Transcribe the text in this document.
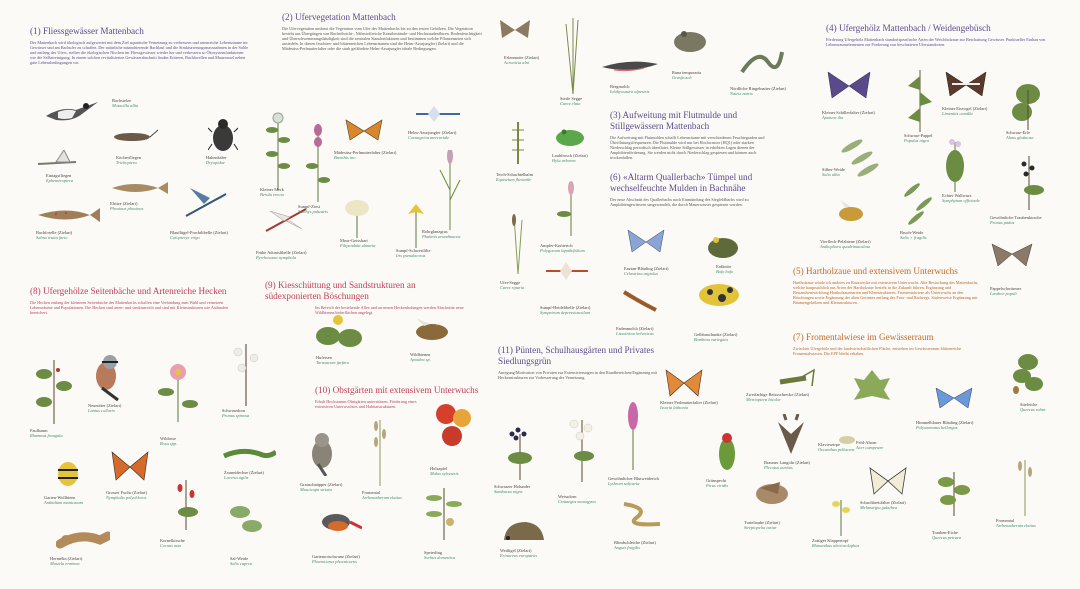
(1) Fliessgewässer Mattenbach
Der Mattenbach wird ökologisch aufgewertet mit dem Ziel aquatische Vernetzung zu verbessern und artenreiche Lebensräume im Gewässer und am Bachufer zu schaffen. Der natürliche mäandrierende Bachlauf und die Strukturierungsmassnahmen in der Sohle und entlang des Ufers, stellen die ökologischen Nischen im Fliessgewässer wieder her und verbessern so Ökosystemfunktionen wie die Selbstreinigung. In einem solchen revitalisierten Gewässerabschnitt finden Eritreen, Bachforellen und Mauerassel neben gute Lebensbedingungen vor.
(2) Ufervegetation Mattenbach
Die Ufervegetation umfasst die Vegetation vom Ufer des Mattenbachs bis zu den ersten Gehölzen. Die Vegetation besteht aus Übergängen von Bachröhricht-, Nährstoffreiche Krautbestände- und Hochstaudenfluren. Bodenfeuchtigkeit und Überschwemmungshäufigkeit sind die zentralen Standortfaktoren und bestimmen welche Pflanzenarten sich ansiedeln. In diesen feuchten- und blütenreichen Lebensräumen sind die Heim-Azurjungfer (Zielart) und die Mädesüss-Perlmutterfalter oder die stark gefährdete Helm-Azurjungfer ideale Bedingungen.
(3) Aufweitung mit Flutmulde und Stillgewässern Mattenbach
Die Aufweitung mit Flutmulden schafft Lebensräume mit verschiedenen Feuchtegraden und Überflutungsfrequenzen. Die Flutmulde wird nur bei Hochwasser (HQ1) oder starken Niederschlag periodisch überflutet. Kleine Stillgewässer in erhöhten Lagen dienen der Amphibienförderung. Sie werden nicht durch Niederschlag gespiesen und können auch trockenfallen.
(6) «Altarm Quallerbach» Tümpel und wechselfeuchte Mulden in Bachnähe
Der neue Abschnitt des Quallerbachs nach Einmündung des Siegfeldbachs wird zu Amphibiengewässern umgewandelt, die durch Mauerwasser gespiesen werden.
(4) Ufergehölz Mattenbach / Weidengebüsch
Förderung Ufergehölz Mattenbach standortspezifische Arten der Weichholzaue zur Beschattung Gewässer. Punktueller Einbau von Lebensraumelementen zur Förderung von beschatteten Uferstandorten.
(5) Hartholzaue und extensivem Unterwuchs
Hartholzaue würde ich anderes zu Bauzwecke mit extensivem Unterwuchs. Alte Bestockung des Mattenbachs, welche hauptsächlich aus Arten der Hartholzaue besteht in die Zukunft führen. Ergänzung und Bestandsentwicklung Hartholzauenarten und Kleinstrukturen. Fromentalwiese als Unterwuchs an den Böschungen sowie Ergänzung der alten Gerinnes entlang des Fuss- und Radwegs. Stufenweise Ergänzung mit Bäumengehölzen und Kleinstrukturen.
(7) Fromentalwiese im Gewässerraum
Zwischen Ufergehölz und der landwirtschaftlichen Fläche, entstehen im Gewässerraum blütenreiche Fromentalwiesen. Die EFF bleibt erhalten.
(8) Ufergehölze Seitenbäche und Artenreiche Hecken
Die Hecken entlang der kleineren Seitenbäche des Mattenbachs schaffen eine Verbindung zum Wald und vernetzen Lebensräume und Populationen. Die Hecken sind arten- und strukturreich und sind mit Kleinstrukturen wie Asthaufen bereichert.
(9) Kiesschüttung und Sandstrukturen an südexponierten Böschungen
Im Bereich der bestehende Allee und an neuen Heckenholungen werden Abschnitte neue Wildbienenförderflächen angelegt.
(10) Obstgärten mit extensivem Unterwuchs
Erhalt Hochstamm Obstgärten unterstützen. Förderung eines extensiven Unterwuchses und Habitatstrukturen.
(11) Pünten, Schulhausgärten und Privates Siedlungsgrün
Anregung/Motivation von Privaten zur Extensivierungen in den Randbereichen/Ergänzung mit Heckenstrukturen zur Vorbesserung der Vernetzung.
Bachstelze
Motacilla alba
Köcherfliegen
Trichoptera
Hakenkäfer
Dryopidae
Eintagsfliegen
Ephemeroptera
Elritze (Zielart)
Phoxinus phoxinus
Bachforelle (Zielart)
Salmo trutta fario
Blauflügel-Prachtlibelle (Zielart)
Calopteryx virgo
Kleiner Merk
Berula erecta
Mädesüss-Perlmutterfalter (Zielart)
Brenthis ino
Helm-Azurjungfer (Zielart)
Coenagrion mercuriale
Sumpf-Ziest
Stachys palustris
Rohrglanzgras
Phalaris arundinacea
Frühe Adonislibelle (Zielart)
Pyrrhosoma nymphula
Moor-Geissbart
Filipendula ulmaria
Sumpf-Schwertlilie
Iris pseudacorus
Erlenmotte (Zielart)
Acronicta alni
Steife Segge
Carex elata
Bergmolch
Ichthyosaura alpestris
Rana temporaria
Grasfrosch
Nördliche Ringelnatter (Zielart)
Natrix natrix
Laubfrosch (Zielart)
Hyla arborea
Teich-Schachtelhalm
Equisetum fluviatile
Ampfer-Knöterich
Polygonum lapathifolium
Ufer-Segge
Carex riparia
Sumpf-Heidelibelle (Zielart)
Sympetrum depressiusculum
Enzian-Bläuling (Zielart)
Celastrina argiolus
Erdkröte
Bufo bufo
Fadenmolch (Zielart)
Lissotriton helveticus	Gelbbauchunke (Zielart)
Bombina variegata
Kleiner Schillerfalter (Zielart)
Apatura ilia
Kleiner Eisvogel (Zielart)
Limenitis camilla
Schwarz-Pappel
Populus nigra
Schwarz-Erle
Alnus glutinosa
Silber-Weide
Salix alba
Echter Wallwurz
Symphytum officinale
Gewöhnliche Traubenkirsche
Prunus padus
Vierfleck-Pelzbiene (Zielart)
Anthophora quadrimaculata
Bruch-Weide
Salix × fragilis
Pappelschwärmer
Laothoe populi
Faulbaum
Rhamnus frangula
Neuntöter (Zielart)
Lanius collurio
Wildrose
Rosa spp.
Schwarzdorn
Prunus spinosa
Garten-Wollbiene
Anthidium manicatum
Grosser Fuchs (Zielart)
Nymphalis polychloros
Zauneidechse (Zielart)
Lacerta agilis
Hermelin (Zielart)
Mustela erminea
Kornelkirsche
Cornus mas
Sal-Weide
Salix caprea
Hufeisen
Taraxacum farfara
Wildbienen
Apoidea sp.
Grauschnäpper (Zielart)
Muscicapa striata
Fromental
Arrhenatherum elatius
Holzapfel
Malus sylvestris
Gartenrotschwanz (Zielart)
Phoenicurus phoenicurus
Speierling
Sorbus domestica
Schwarzer Holunder
Sambucus nigra
Weissdorn
Crataegus monogyna
Gewöhnlicher Blutweiderich
Lythrum salicaria
Kleiner Perlmutterfalter (Zielart)
Issoria lathonia
Weißigel (Zielart)
Erinaceus europaeus
Blindschleiche (Zielart)
Anguis fragilis
Zweifarbige Beissschrecke (Zielart)
Metrioptera bicolor
Grünspecht
Picus viridis
Braunes Langohr (Zielart)
Plecotus auritus
Klavierzirpe
Oecanthus pellucens
Feld-Ahorn
Acer campestre
Himmelblauer Bläuling (Zielart)
Polyommatus bellargus
Stieleiche
Quercus robur
Turteltaube (Zielart)
Streptopelia turtur
Zottiger Klappertopf
Rhinanthus alectorolophus
Schachbrettfalter (Zielart)
Melanargia galathea
Trauben-Eiche
Quercus petraea
Fromental
Arrhenatherum elatius
